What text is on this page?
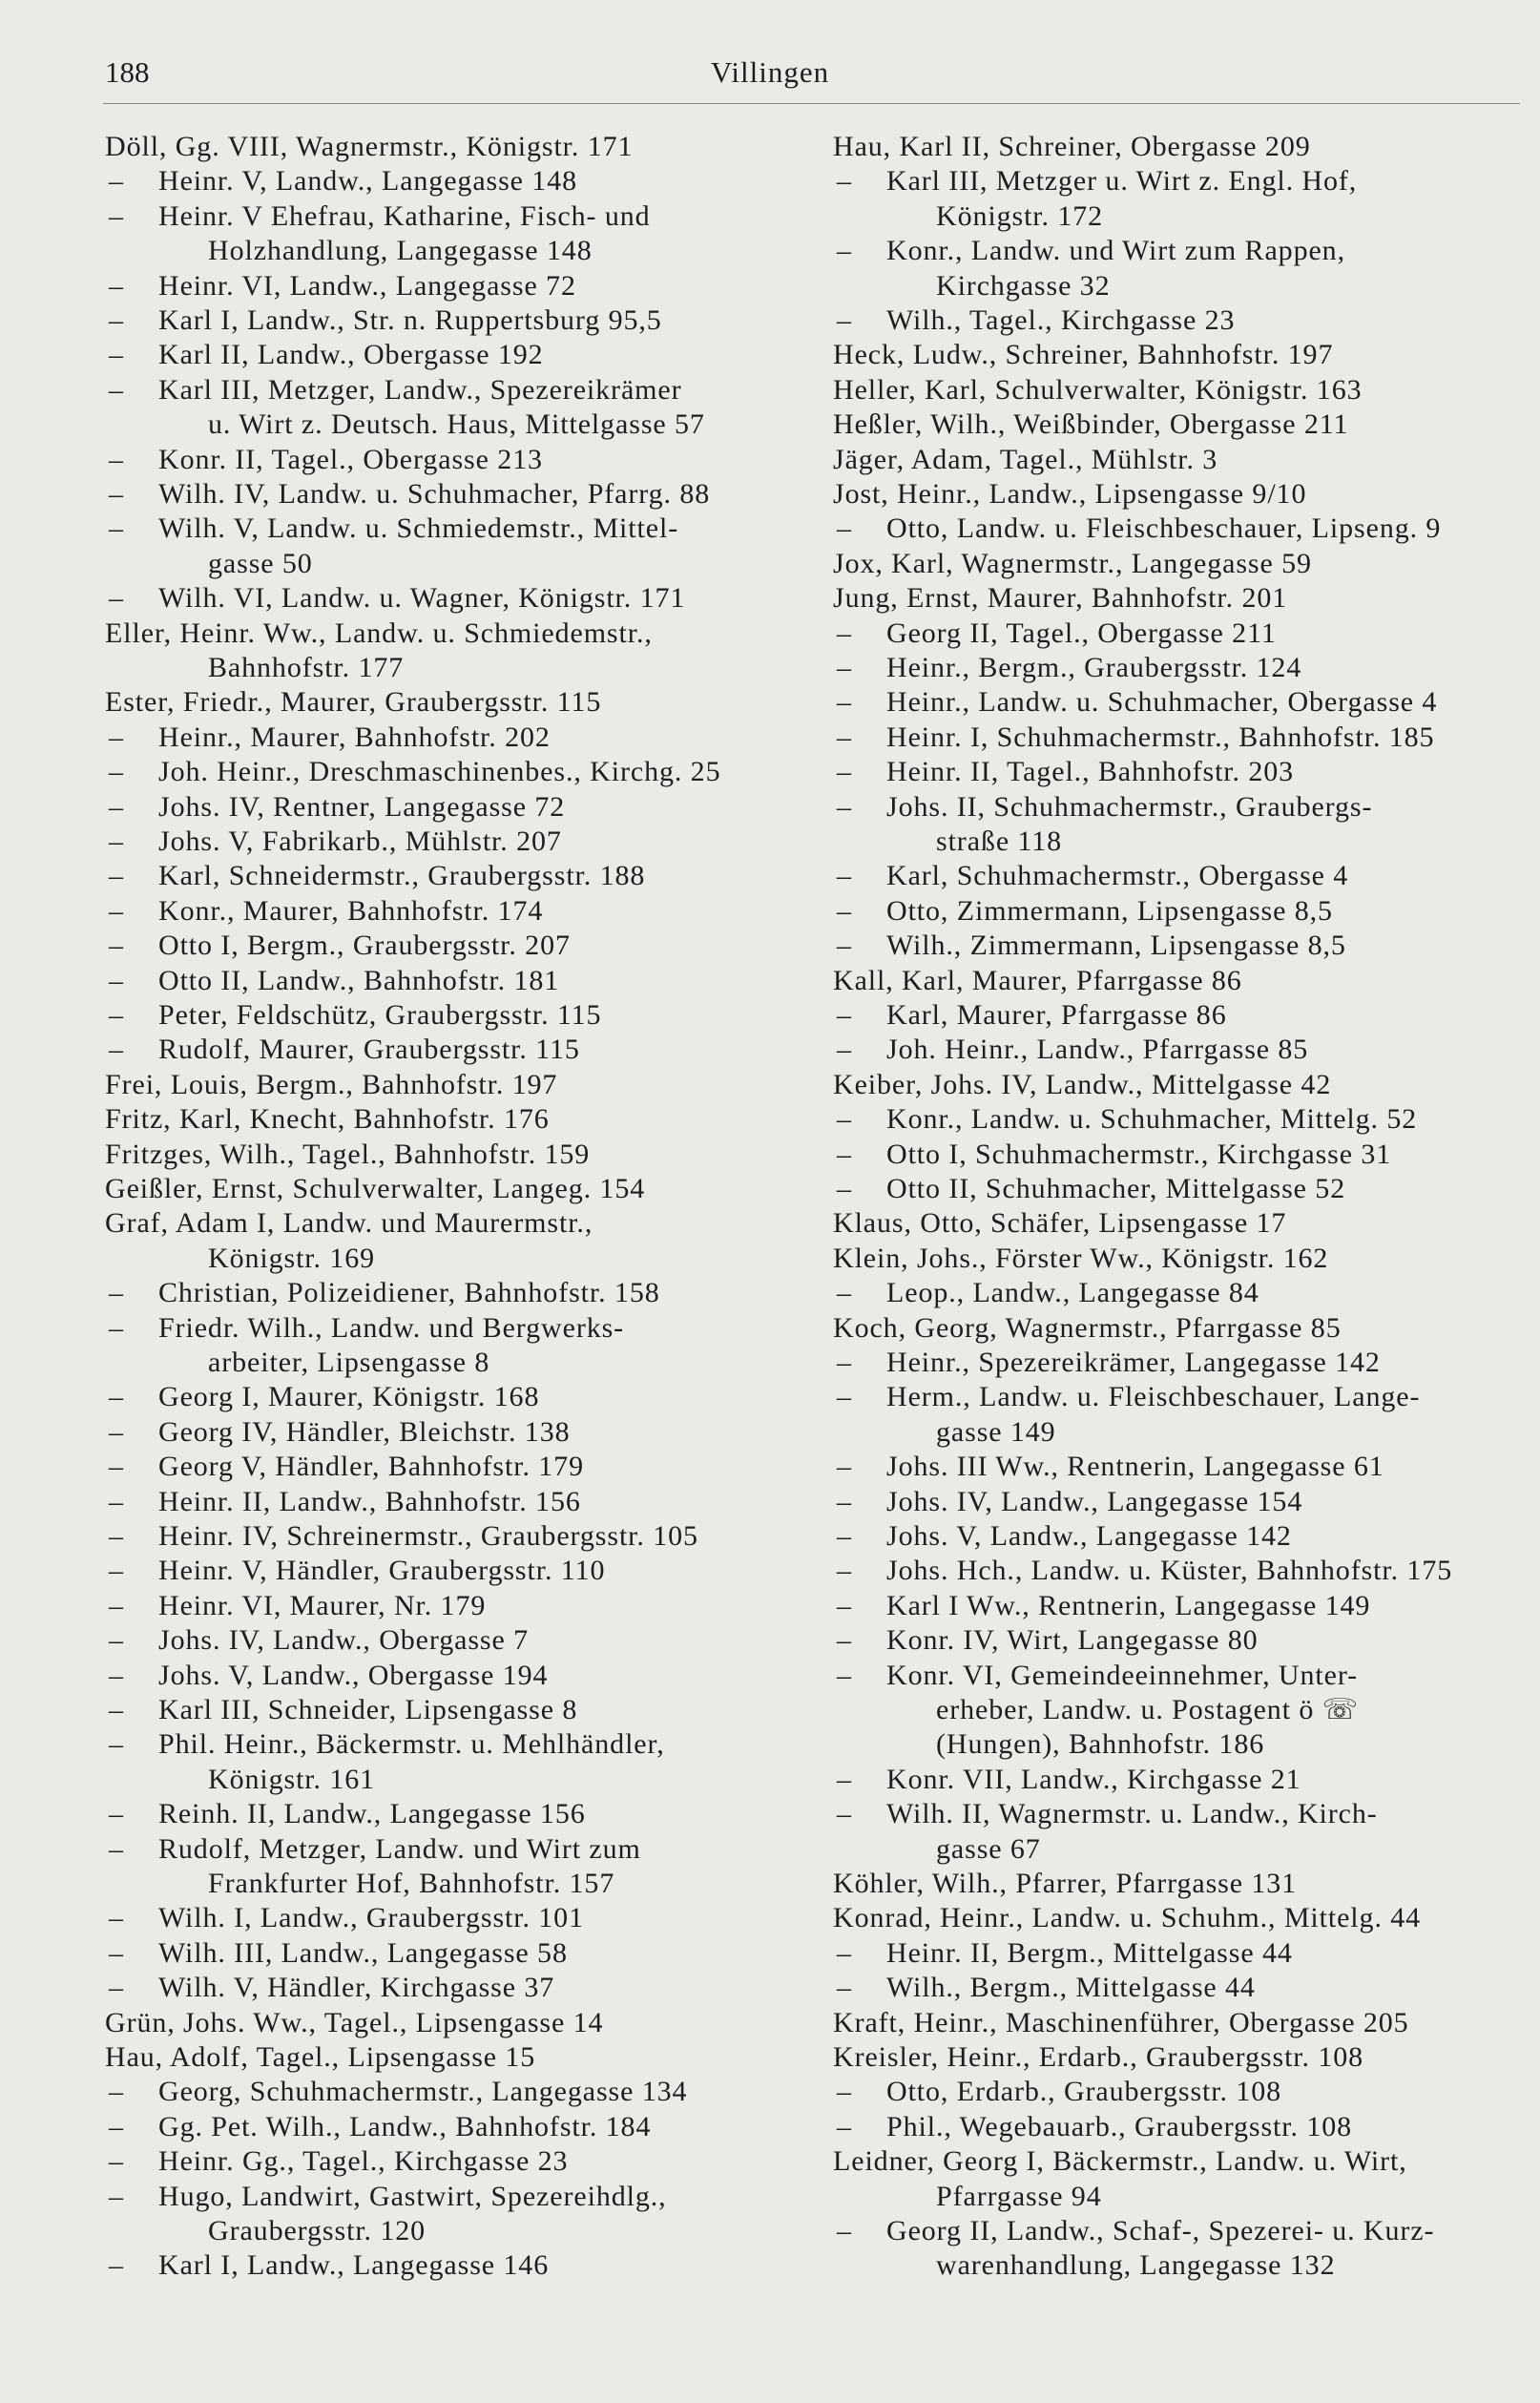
188	Villingen
Döll, Gg. VIII, Wagnermstr., Königstr. 171
– Heinr. V, Landw., Langegasse 148
– Heinr. V Ehefrau, Katharine, Fisch- und
Holzhandlung, Langegasse 148
– Heinr. VI, Landw., Langegasse 72
– Karl I, Landw., Str. n. Ruppertsburg 95,5
– Karl II, Landw., Obergasse 192
– Karl III, Metzger, Landw., Spezereikrämer
u. Wirt z. Deutsch. Haus, Mittelgasse 57
– Konr. II, Tagel., Obergasse 213
– Wilh. IV, Landw. u. Schuhmacher, Pfarrg. 88
– Wilh. V, Landw. u. Schmiedemstr., Mittel-
gasse 50
– Wilh. VI, Landw. u. Wagner, Königstr. 171
Eller, Heinr. Ww., Landw. u. Schmiedemstr.,
Bahnhofstr. 177
Ester, Friedr., Maurer, Graubergsstr. 115
– Heinr., Maurer, Bahnhofstr. 202
– Joh. Heinr., Dreschmaschinenbes., Kirchg. 25
– Johs. IV, Rentner, Langegasse 72
– Johs. V, Fabrikarb., Mühlstr. 207
– Karl, Schneidermstr., Graubergsstr. 188
– Konr., Maurer, Bahnhofstr. 174
– Otto I, Bergm., Graubergsstr. 207
– Otto II, Landw., Bahnhofstr. 181
– Peter, Feldschütz, Graubergsstr. 115
– Rudolf, Maurer, Graubergsstr. 115
Frei, Louis, Bergm., Bahnhofstr. 197
Fritz, Karl, Knecht, Bahnhofstr. 176
Fritzges, Wilh., Tagel., Bahnhofstr. 159
Geißler, Ernst, Schulverwalter, Langeg. 154
Graf, Adam I, Landw. und Maurermstr.,
Königstr. 169
– Christian, Polizeidiener, Bahnhofstr. 158
– Friedr. Wilh., Landw. und Bergwerks-
arbeiter, Lipsengasse 8
– Georg I, Maurer, Königstr. 168
– Georg IV, Händler, Bleichstr. 138
– Georg V, Händler, Bahnhofstr. 179
– Heinr. II, Landw., Bahnhofstr. 156
– Heinr. IV, Schreinermstr., Graubergsstr. 105
– Heinr. V, Händler, Graubergsstr. 110
– Heinr. VI, Maurer, Nr. 179
– Johs. IV, Landw., Obergasse 7
– Johs. V, Landw., Obergasse 194
– Karl III, Schneider, Lipsengasse 8
– Phil. Heinr., Bäckermstr. u. Mehlhändler,
Königstr. 161
– Reinh. II, Landw., Langegasse 156
– Rudolf, Metzger, Landw. und Wirt zum
Frankfurter Hof, Bahnhofstr. 157
– Wilh. I, Landw., Graubergsstr. 101
– Wilh. III, Landw., Langegasse 58
– Wilh. V, Händler, Kirchgasse 37
Grün, Johs. Ww., Tagel., Lipsengasse 14
Hau, Adolf, Tagel., Lipsengasse 15
– Georg, Schuhmachermstr., Langegasse 134
– Gg. Pet. Wilh., Landw., Bahnhofstr. 184
– Heinr. Gg., Tagel., Kirchgasse 23
– Hugo, Landwirt, Gastwirt, Spezereihdlg.,
Graubergsstr. 120
– Karl I, Landw., Langegasse 146
Hau, Karl II, Schreiner, Obergasse 209
– Karl III, Metzger u. Wirt z. Engl. Hof,
Königstr. 172
– Konr., Landw. und Wirt zum Rappen,
Kirchgasse 32
– Wilh., Tagel., Kirchgasse 23
Heck, Ludw., Schreiner, Bahnhofstr. 197
Heller, Karl, Schulverwalter, Königstr. 163
Heßler, Wilh., Weißbinder, Obergasse 211
Jäger, Adam, Tagel., Mühlstr. 3
Jost, Heinr., Landw., Lipsengasse 9/10
– Otto, Landw. u. Fleischbeschauer, Lipseng. 9
Jox, Karl, Wagnermstr., Langegasse 59
Jung, Ernst, Maurer, Bahnhofstr. 201
– Georg II, Tagel., Obergasse 211
– Heinr., Bergm., Graubergsstr. 124
– Heinr., Landw. u. Schuhmacher, Obergasse 4
– Heinr. I, Schuhmachermstr., Bahnhofstr. 185
– Heinr. II, Tagel., Bahnhofstr. 203
– Johs. II, Schuhmachermstr., Graubergs-
straße 118
– Karl, Schuhmachermstr., Obergasse 4
– Otto, Zimmermann, Lipsengasse 8,5
– Wilh., Zimmermann, Lipsengasse 8,5
Kall, Karl, Maurer, Pfarrgasse 86
– Karl, Maurer, Pfarrgasse 86
– Joh. Heinr., Landw., Pfarrgasse 85
Keiber, Johs. IV, Landw., Mittelgasse 42
– Konr., Landw. u. Schuhmacher, Mittelg. 52
– Otto I, Schuhmachermstr., Kirchgasse 31
– Otto II, Schuhmacher, Mittelgasse 52
Klaus, Otto, Schäfer, Lipsengasse 17
Klein, Johs., Förster Ww., Königstr. 162
– Leop., Landw., Langegasse 84
Koch, Georg, Wagnermstr., Pfarrgasse 85
– Heinr., Spezereikrämer, Langegasse 142
– Herm., Landw. u. Fleischbeschauer, Lange-
gasse 149
– Johs. III Ww., Rentnerin, Langegasse 61
– Johs. IV, Landw., Langegasse 154
– Johs. V, Landw., Langegasse 142
– Johs. Hch., Landw. u. Küster, Bahnhofstr. 175
– Karl I Ww., Rentnerin, Langegasse 149
– Konr. IV, Wirt, Langegasse 80
– Konr. VI, Gemeindeeinnehmer, Unter-
erheber, Landw. u. Postagent ö ☏
(Hungen), Bahnhofstr. 186
– Konr. VII, Landw., Kirchgasse 21
– Wilh. II, Wagnermstr. u. Landw., Kirch-
gasse 67
Köhler, Wilh., Pfarrer, Pfarrgasse 131
Konrad, Heinr., Landw. u. Schuhm., Mittelg. 44
– Heinr. II, Bergm., Mittelgasse 44
– Wilh., Bergm., Mittelgasse 44
Kraft, Heinr., Maschinenführer, Obergasse 205
Kreisler, Heinr., Erdarb., Graubergsstr. 108
– Otto, Erdarb., Graubergsstr. 108
– Phil., Wegebauarb., Graubergsstr. 108
Leidner, Georg I, Bäckermstr., Landw. u. Wirt,
Pfarrgasse 94
– Georg II, Landw., Schaf-, Spezerei- u. Kurz-
warenhandlung, Langegasse 132
